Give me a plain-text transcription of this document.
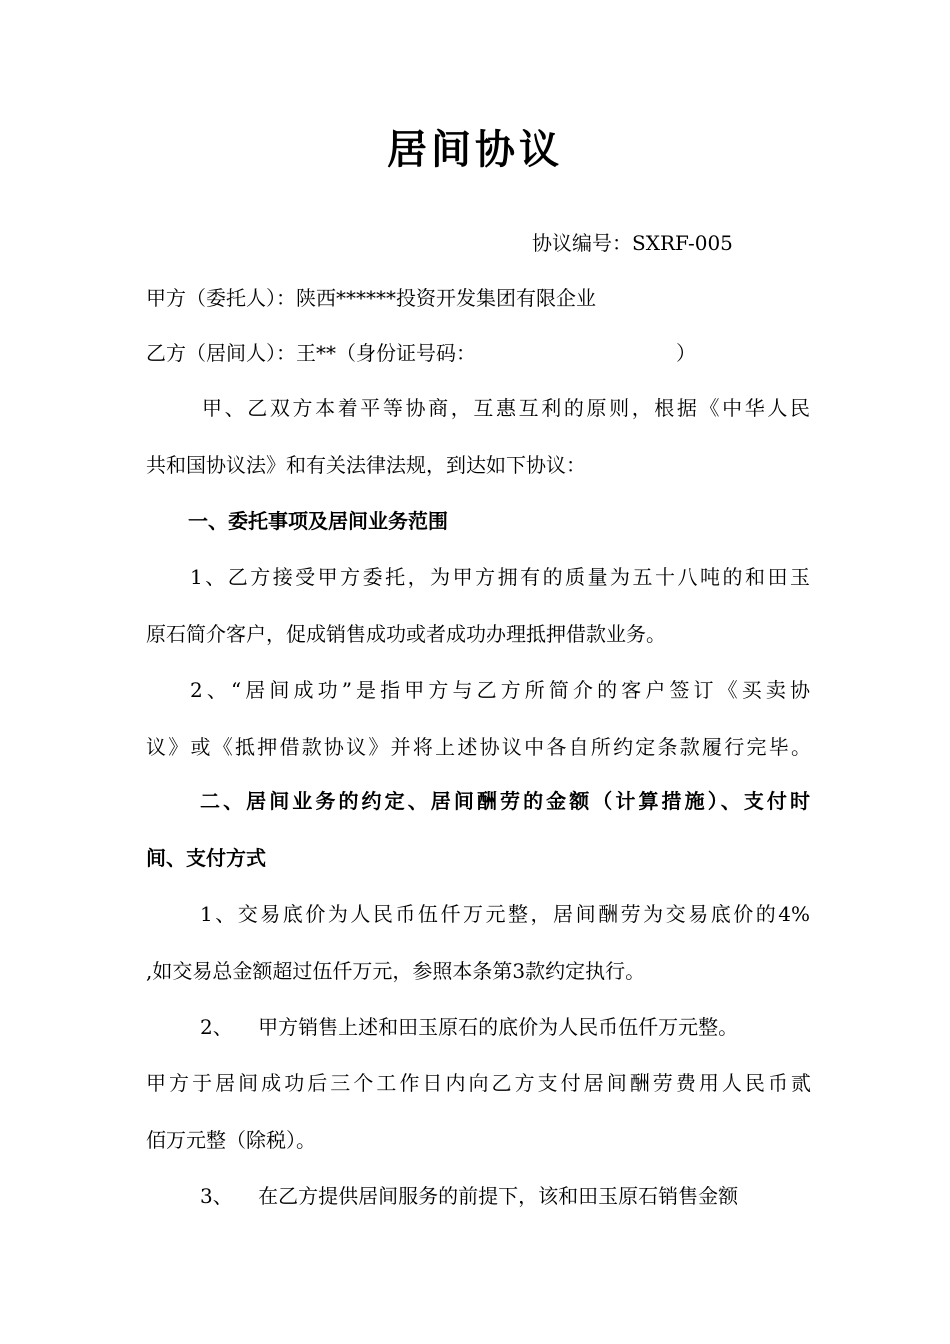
居间协议
协议编号：SXRF-005
甲方（委托人）：陕西******投资开发集团有限企业
乙方（居间人）：王**（身份证号码：	）
甲、乙双方本着平等协商，互惠互利的原则，根据《中华人民
共和国协议法》和有关法律法规，到达如下协议：
一、委托事项及居间业务范围
1、乙方接受甲方委托，为甲方拥有的质量为五十八吨的和田玉
原石简介客户，促成销售成功或者成功办理抵押借款业务。
2、“居间成功”是指甲方与乙方所简介的客户签订《买卖协
议》或《抵押借款协议》并将上述协议中各自所约定条款履行完毕。
二、居间业务的约定、居间酬劳的金额（计算措施）、支付时
间、支付方式
1、交易底价为人民币伍仟万元整，居间酬劳为交易底价的4%
,如交易总金额超过伍仟万元，参照本条第3款约定执行。
2、    甲方销售上述和田玉原石的底价为人民币伍仟万元整。
甲方于居间成功后三个工作日内向乙方支付居间酬劳费用人民币贰
佰万元整（除税）。
3、    在乙方提供居间服务的前提下，该和田玉原石销售金额
